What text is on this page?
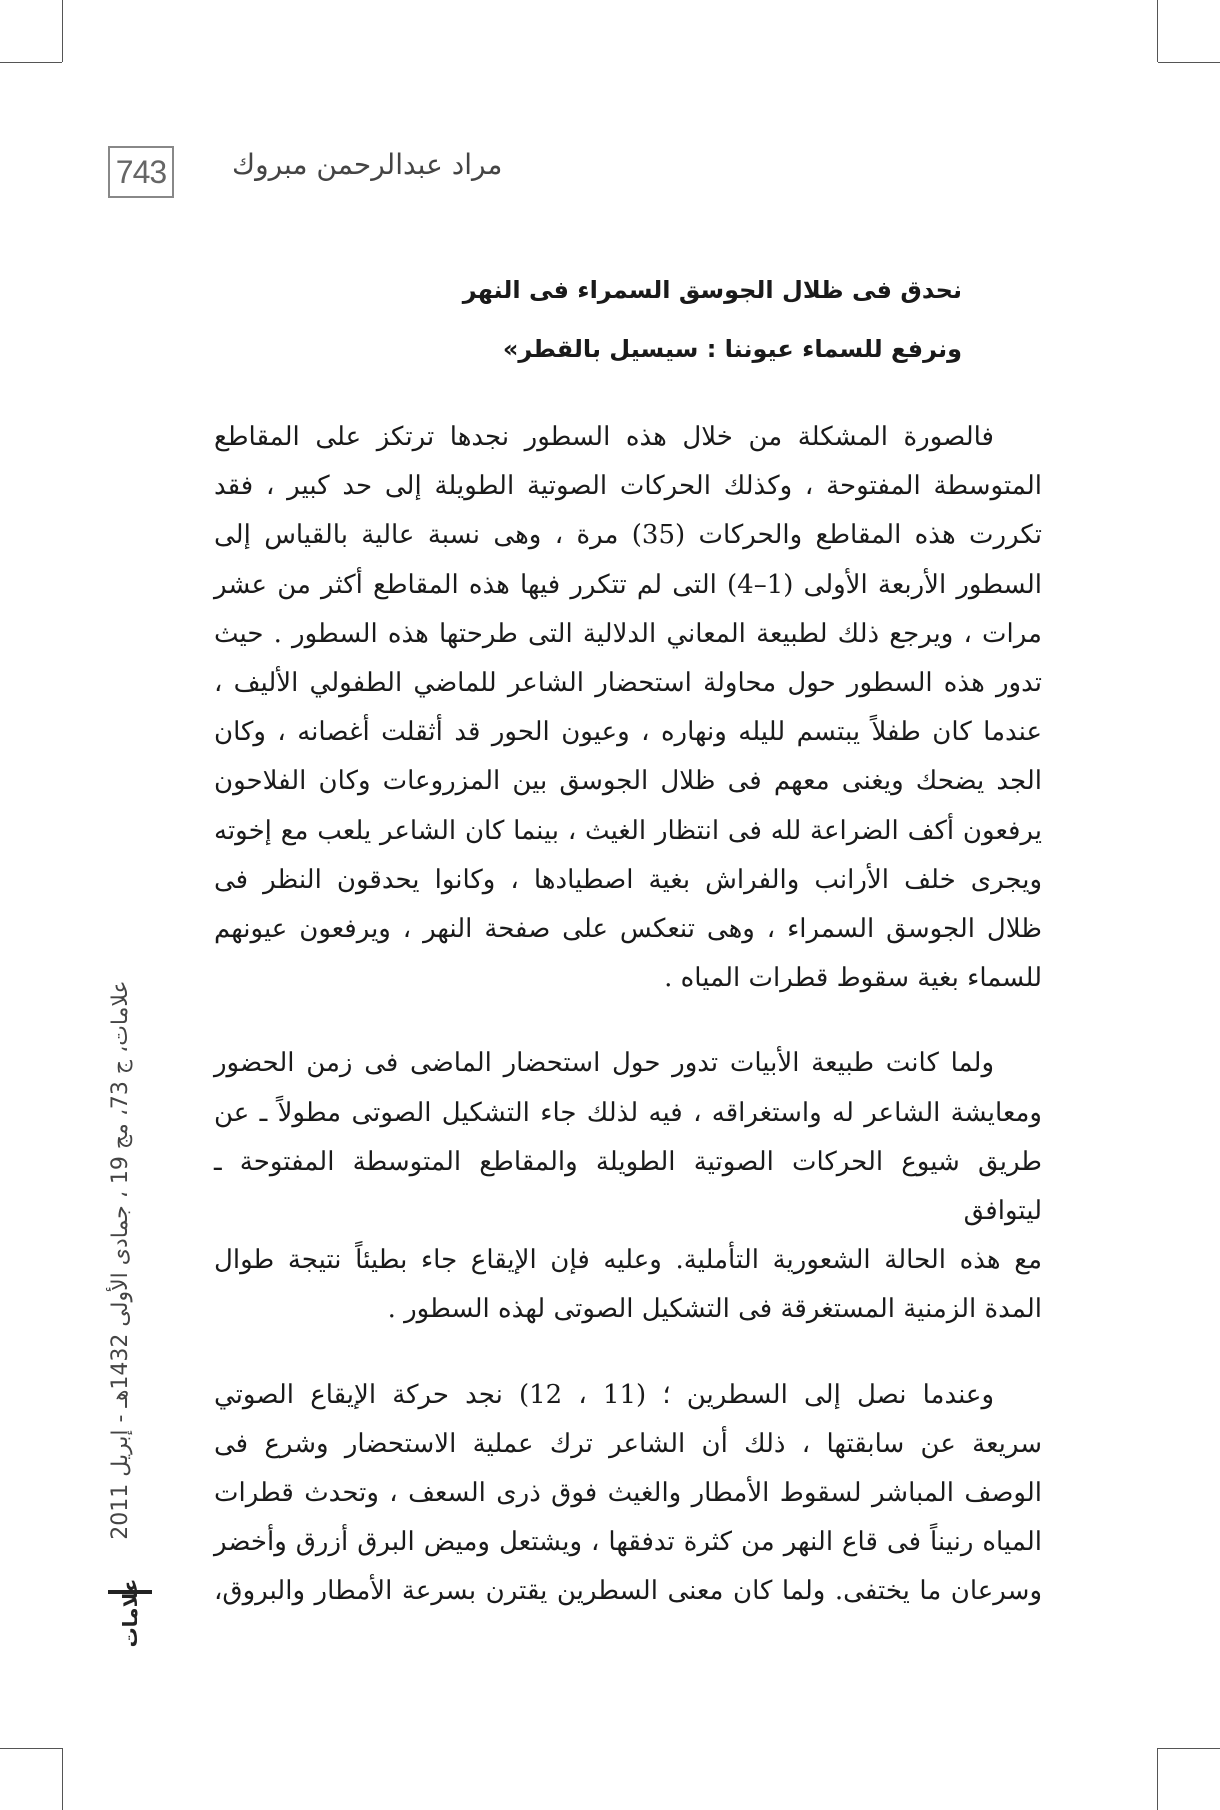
743 مراد عبدالرحمن مبروك
نحدق فى ظلال الجوسق السمراء فى النهر
ونرفع للسماء عيوننا : سيسيل بالقطر»
فالصورة المشكلة من خلال هذه السطور نجدها ترتكز على المقاطع
المتوسطة المفتوحة ، وكذلك الحركات الصوتية الطويلة إلى حد كبير ، فقد
تكررت هذه المقاطع والحركات (35) مرة ، وهى نسبة عالية بالقياس إلى
السطور الأربعة الأولى (1–4) التى لم تتكرر فيها هذه المقاطع أكثر من عشر
مرات ، ويرجع ذلك لطبيعة المعاني الدلالية التى طرحتها هذه السطور . حيث
تدور هذه السطور حول محاولة استحضار الشاعر للماضي الطفولي الأليف ،
عندما كان طفلاً يبتسم لليله ونهاره ، وعيون الحور قد أثقلت أغصانه ، وكان
الجد يضحك ويغنى معهم فى ظلال الجوسق بين المزروعات وكان الفلاحون
يرفعون أكف الضراعة لله فى انتظار الغيث ، بينما كان الشاعر يلعب مع إخوته
ويجرى خلف الأرانب والفراش بغية اصطيادها ، وكانوا يحدقون النظر فى
ظلال الجوسق السمراء ، وهى تنعكس على صفحة النهر ، ويرفعون عيونهم
للسماء بغية سقوط قطرات المياه .
ولما كانت طبيعة الأبيات تدور حول استحضار الماضى فى زمن الحضور
ومعايشة الشاعر له واستغراقه ، فيه لذلك جاء التشكيل الصوتى مطولاً ـ عن
طريق شيوع الحركات الصوتية الطويلة والمقاطع المتوسطة المفتوحة ـ ليتوافق
مع هذه الحالة الشعورية التأملية. وعليه فإن الإيقاع جاء بطيئاً نتيجة طوال
المدة الزمنية المستغرقة فى التشكيل الصوتى لهذه السطور .
وعندما نصل إلى السطرين ؛ (11 ، 12) نجد حركة الإيقاع الصوتي
سريعة عن سابقتها ، ذلك أن الشاعر ترك عملية الاستحضار وشرع فى
الوصف المباشر لسقوط الأمطار والغيث فوق ذرى السعف ، وتحدث قطرات
المياه رنيناً فى قاع النهر من كثرة تدفقها ، ويشتعل وميض البرق أزرق وأخضر
وسرعان ما يختفى. ولما كان معنى السطرين يقترن بسرعة الأمطار والبروق،
علامات، ج 73، مج 19 ، جمادى الأولى 1432هـ - إبريل 2011
علامات
